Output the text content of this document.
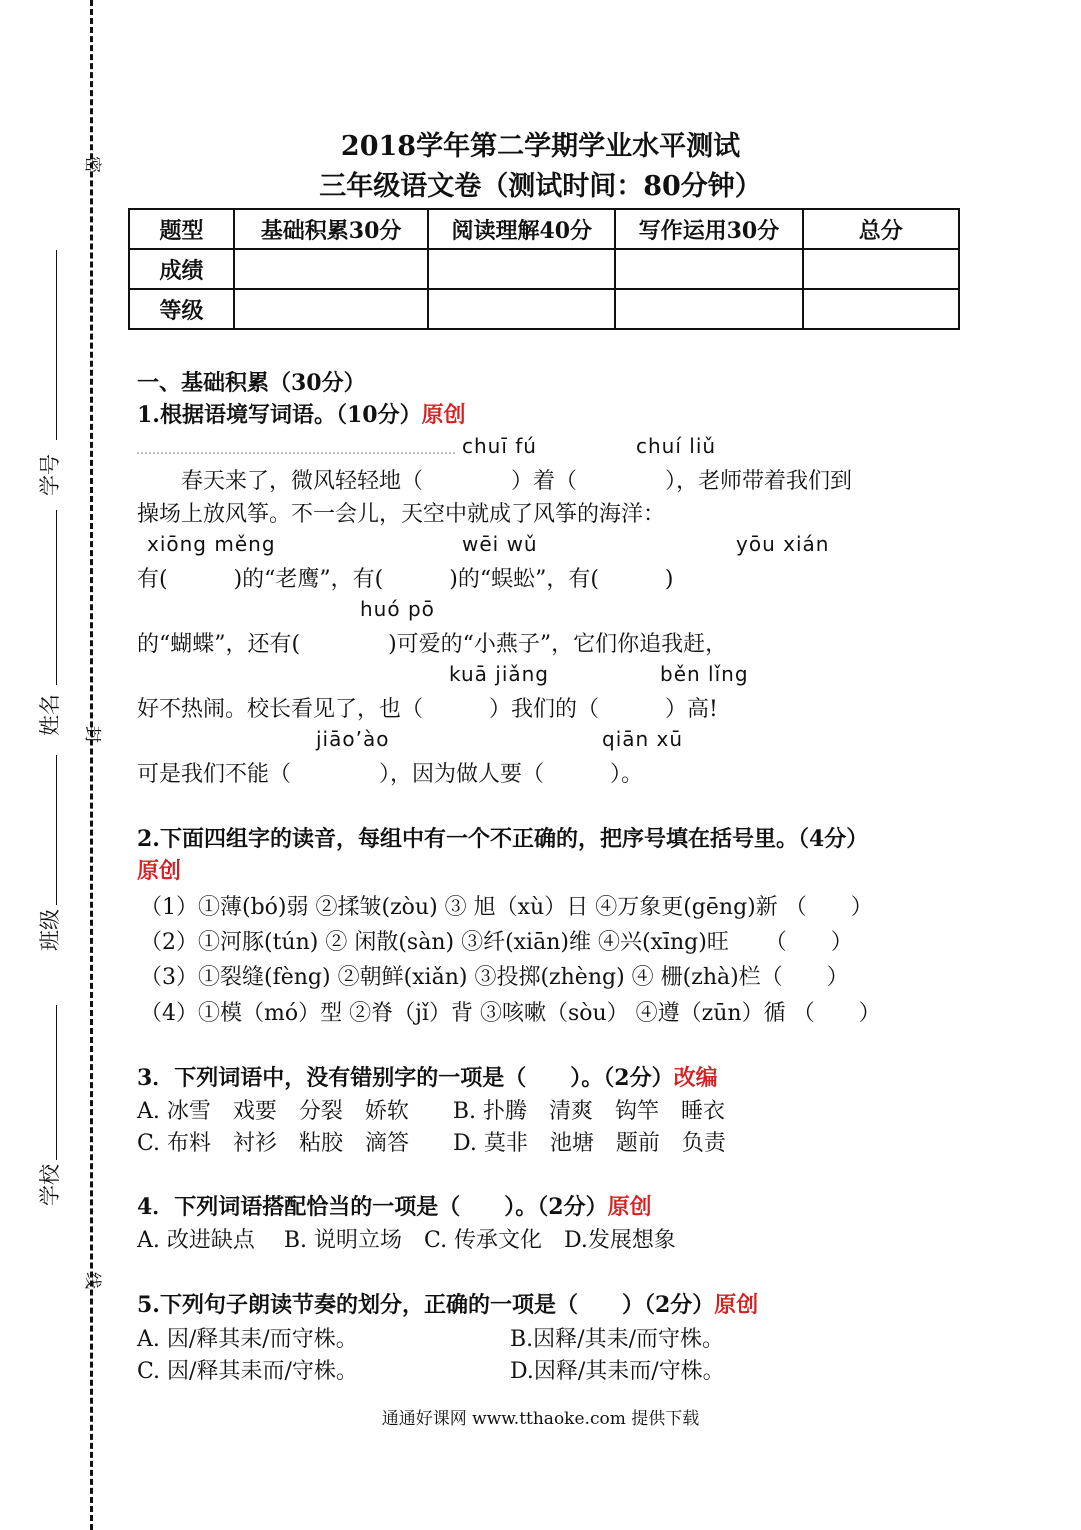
密
封
线
学号
姓名
班级
学校
2018学年第二学期学业水平测试
三年级语文卷（测试时间：80分钟）
题型	基础积累30分	阅读理解40分	写作运用30分	总分
成绩				
等级				
一、基础积累（30分）
1.根据语境写词语。（10分）原创
chuī fú	chuí liǔ
　　春天来了，微风轻轻地（　　　　）着（　　　　），老师带着我们到
操场上放风筝。不一会儿，天空中就成了风筝的海洋：
xiōng měng	wēi wǔ	yōu xián
有(　　　)的“老鹰”，有(　　　)的“蜈蚣”，有(　　　)
huó pō
的“蝴蝶”，还有(　　　　)可爱的“小燕子”，它们你追我赶，
kuā jiǎng	běn lǐng
好不热闹。校长看见了，也（　　　）我们的（　　　）高!
jiāo’ào	qiān xū
可是我们不能（　　　　），因为做人要（　　　）。
2.下面四组字的读音，每组中有一个不正确的，把序号填在括号里。（4分）
原创
（1）①薄(bó)弱 ②揉皱(zòu) ③ 旭（xù）日 ④万象更(gēng)新 （　　）
（2）①河豚(tún) ② 闲散(sàn) ③纤(xiān)维 ④兴(xīng)旺 　 （　　）
（3）①裂缝(fèng) ②朝鲜(xiǎn) ③投掷(zhèng) ④ 栅(zhà)栏（　　）
（4）①模（mó）型 ②脊（jǐ）背 ③咳嗽（sòu） ④遵（zūn）循 （　　）
3．下列词语中，没有错别字的一项是（　　）。（2分）改编
A. 冰雪　戏要　分裂　娇软　　B. 扑腾　清爽　钩竿　睡衣
C. 布料　衬衫　粘胶　滴答　　D. 莫非　池塘　题前　负责
4．下列词语搭配恰当的一项是（　　）。（2分）原创
A. 改进缺点　 B. 说明立场　C. 传承文化　D.发展想象
5.下列句子朗读节奏的划分，正确的一项是（　　）（2分）原创
A. 因/释其耒/而守株。	B.因释/其耒/而守株。
C. 因/释其耒而/守株。	D.因释/其耒而/守株。
通通好课网 www.tthaoke.com 提供下载
